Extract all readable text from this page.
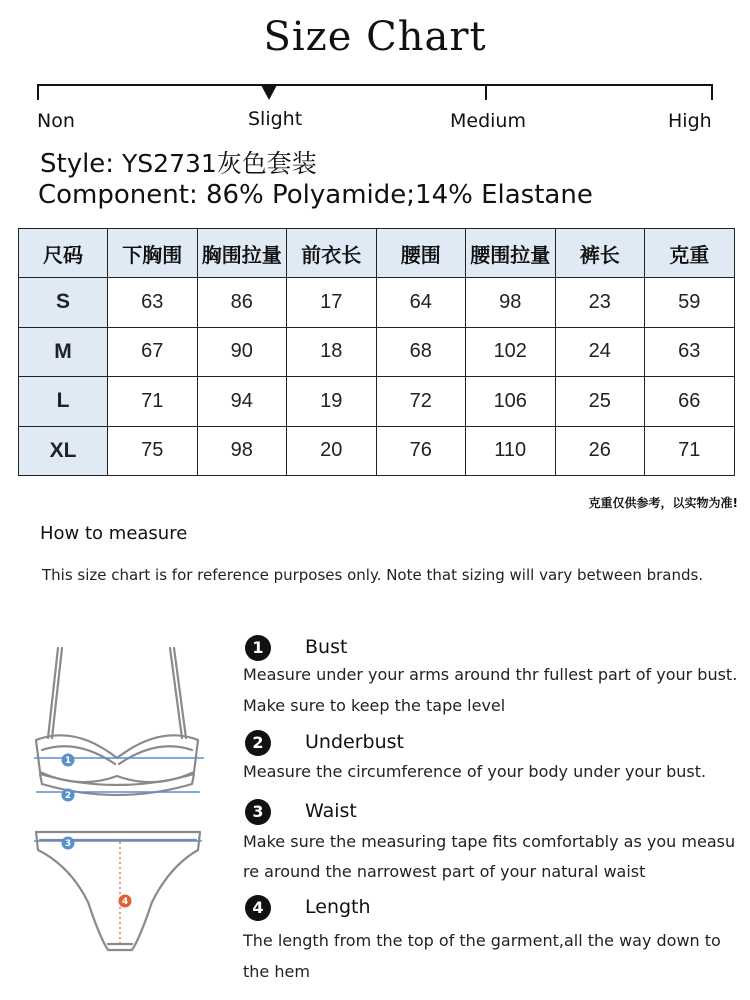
Size Chart
Non	Slight	Medium	High
Style: YS2731灰色套装
Component: 86% Polyamide;14% Elastane
尺码	下胸围	胸围拉量	前衣长	腰围	腰围拉量	裤长	克重
S	63	86	17	64	98	23	59
M	67	90	18	68	102	24	63
L	71	94	19	72	106	25	66
XL	75	98	20	76	110	26	71
克重仅供参考，以实物为准!
How to measure
This size chart is for reference purposes only. Note that sizing will vary between brands.
1
2
3
4
1	Bust
Measure under your arms around thr fullest part of your bust.
Make sure to keep the tape level
2	Underbust
Measure the circumference of your body under your bust.
3	Waist
Make sure the measuring tape fits comfortably as you measu
re around the narrowest part of your natural waist
4	Length
The length from the top of the garment,all the way down to
the hem
